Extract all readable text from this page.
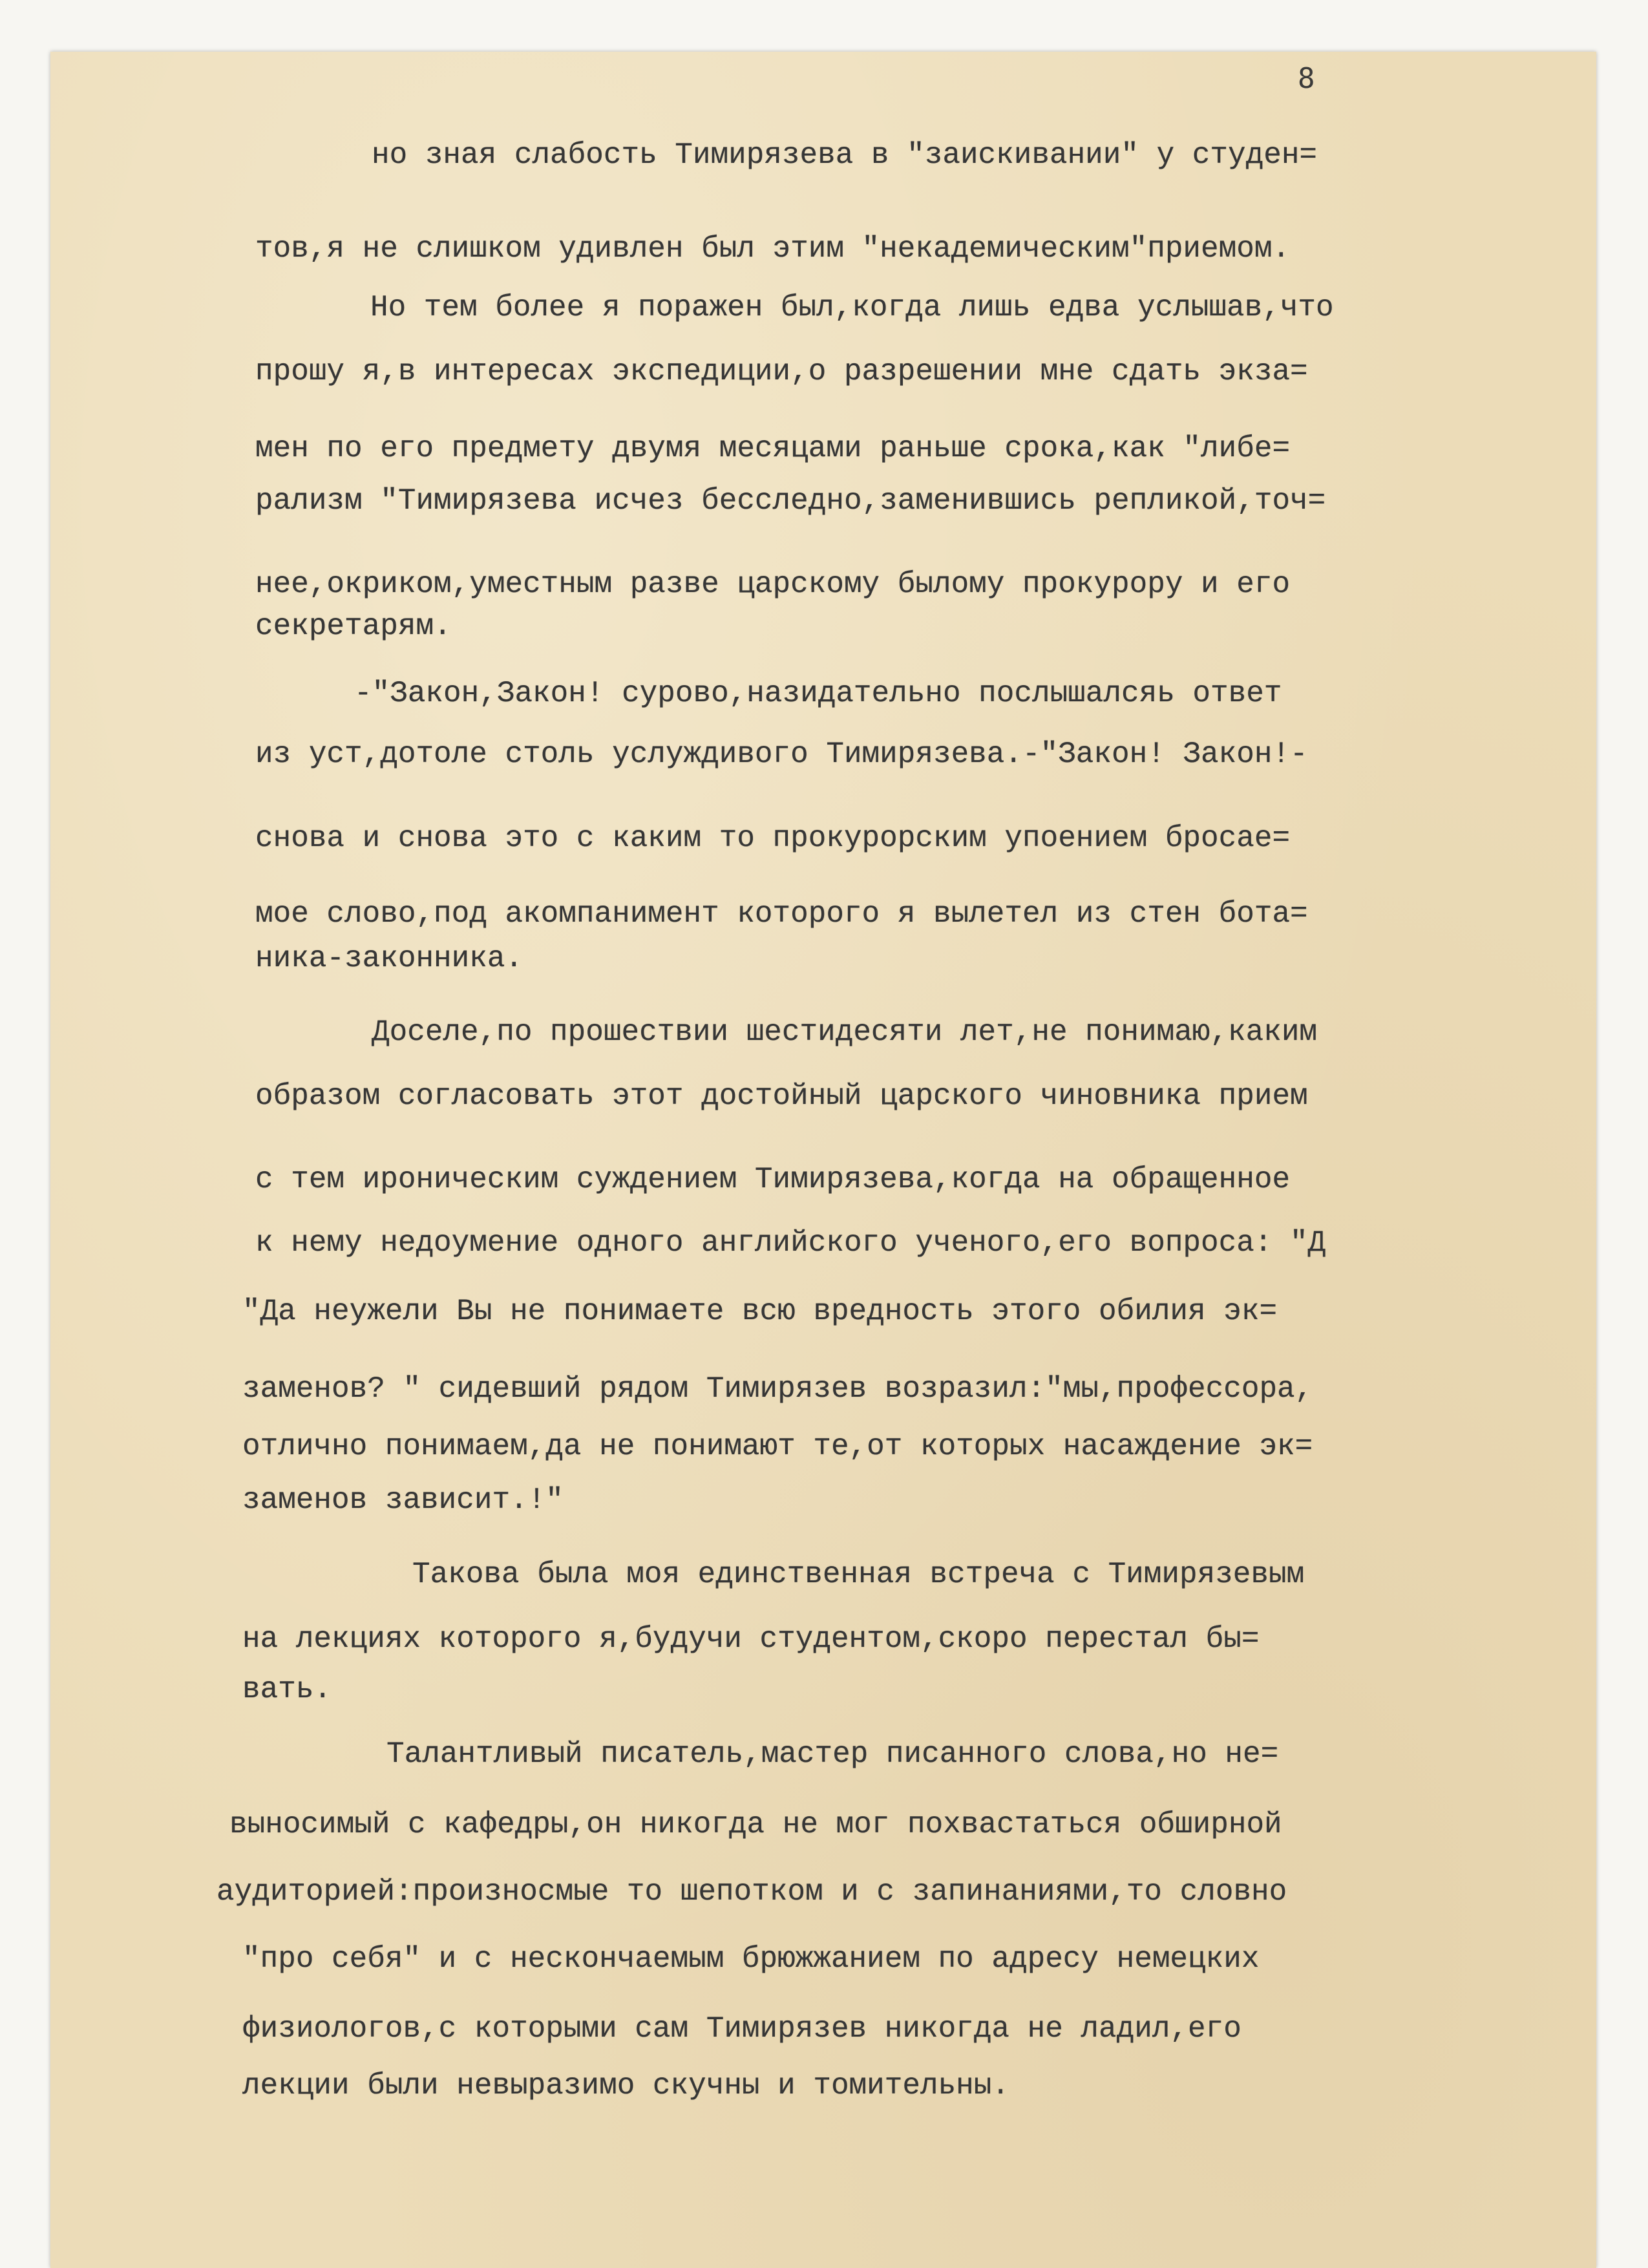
8
но зная слабость Тимирязева в "заискивании" у студен=
тов,я не слишком удивлен был этим "некадемическим"приемом.
Но тем более я поражен был,когда лишь едва услышав,что
прошу я,в интересах экспедиции,о разрешении мне сдать экза=
мен по его предмету двумя месяцами раньше срока,как "либе=
рализм "Тимирязева исчез бесследно,заменившись репликой,точ=
нее,окриком,уместным разве царскому былому прокурору и его
секретарям.
-"Закон,Закон! сурово,назидательно послышалсяь ответ
из уст,дотоле столь услуждивого Тимирязева.-"Закон! Закон!-
снова и снова это с каким то прокурорским упоением бросае=
мое слово,под акомпанимент которого я вылетел из стен бота=
ника-законника.
Доселе,по прошествии шестидесяти лет,не понимаю,каким
образом согласовать этот достойный царского чиновника прием
с тем ироническим суждением Тимирязева,когда на обращенное
к нему недоумение одного английского ученого,его вопроса: "Д
"Да неужели Вы не понимаете всю вредность этого обилия эк=
заменов? " сидевший рядом Тимирязев возразил:"мы,профессора,
отлично понимаем,да не понимают те,от которых насаждение эк=
заменов зависит.!"
Такова была моя единственная встреча с Тимирязевым
на лекциях которого я,будучи студентом,скоро перестал бы=
вать.
Талантливый писатель,мастер писанного слова,но не=
выносимый с кафедры,он никогда не мог похвастаться обширной
аудиторией:произносмые то шепотком и с запинаниями,то словно
"про себя" и с нескончаемым брюжжанием по адресу немецких
физиологов,с которыми сам Тимирязев никогда не ладил,его
лекции были невыразимо скучны и томительны.
